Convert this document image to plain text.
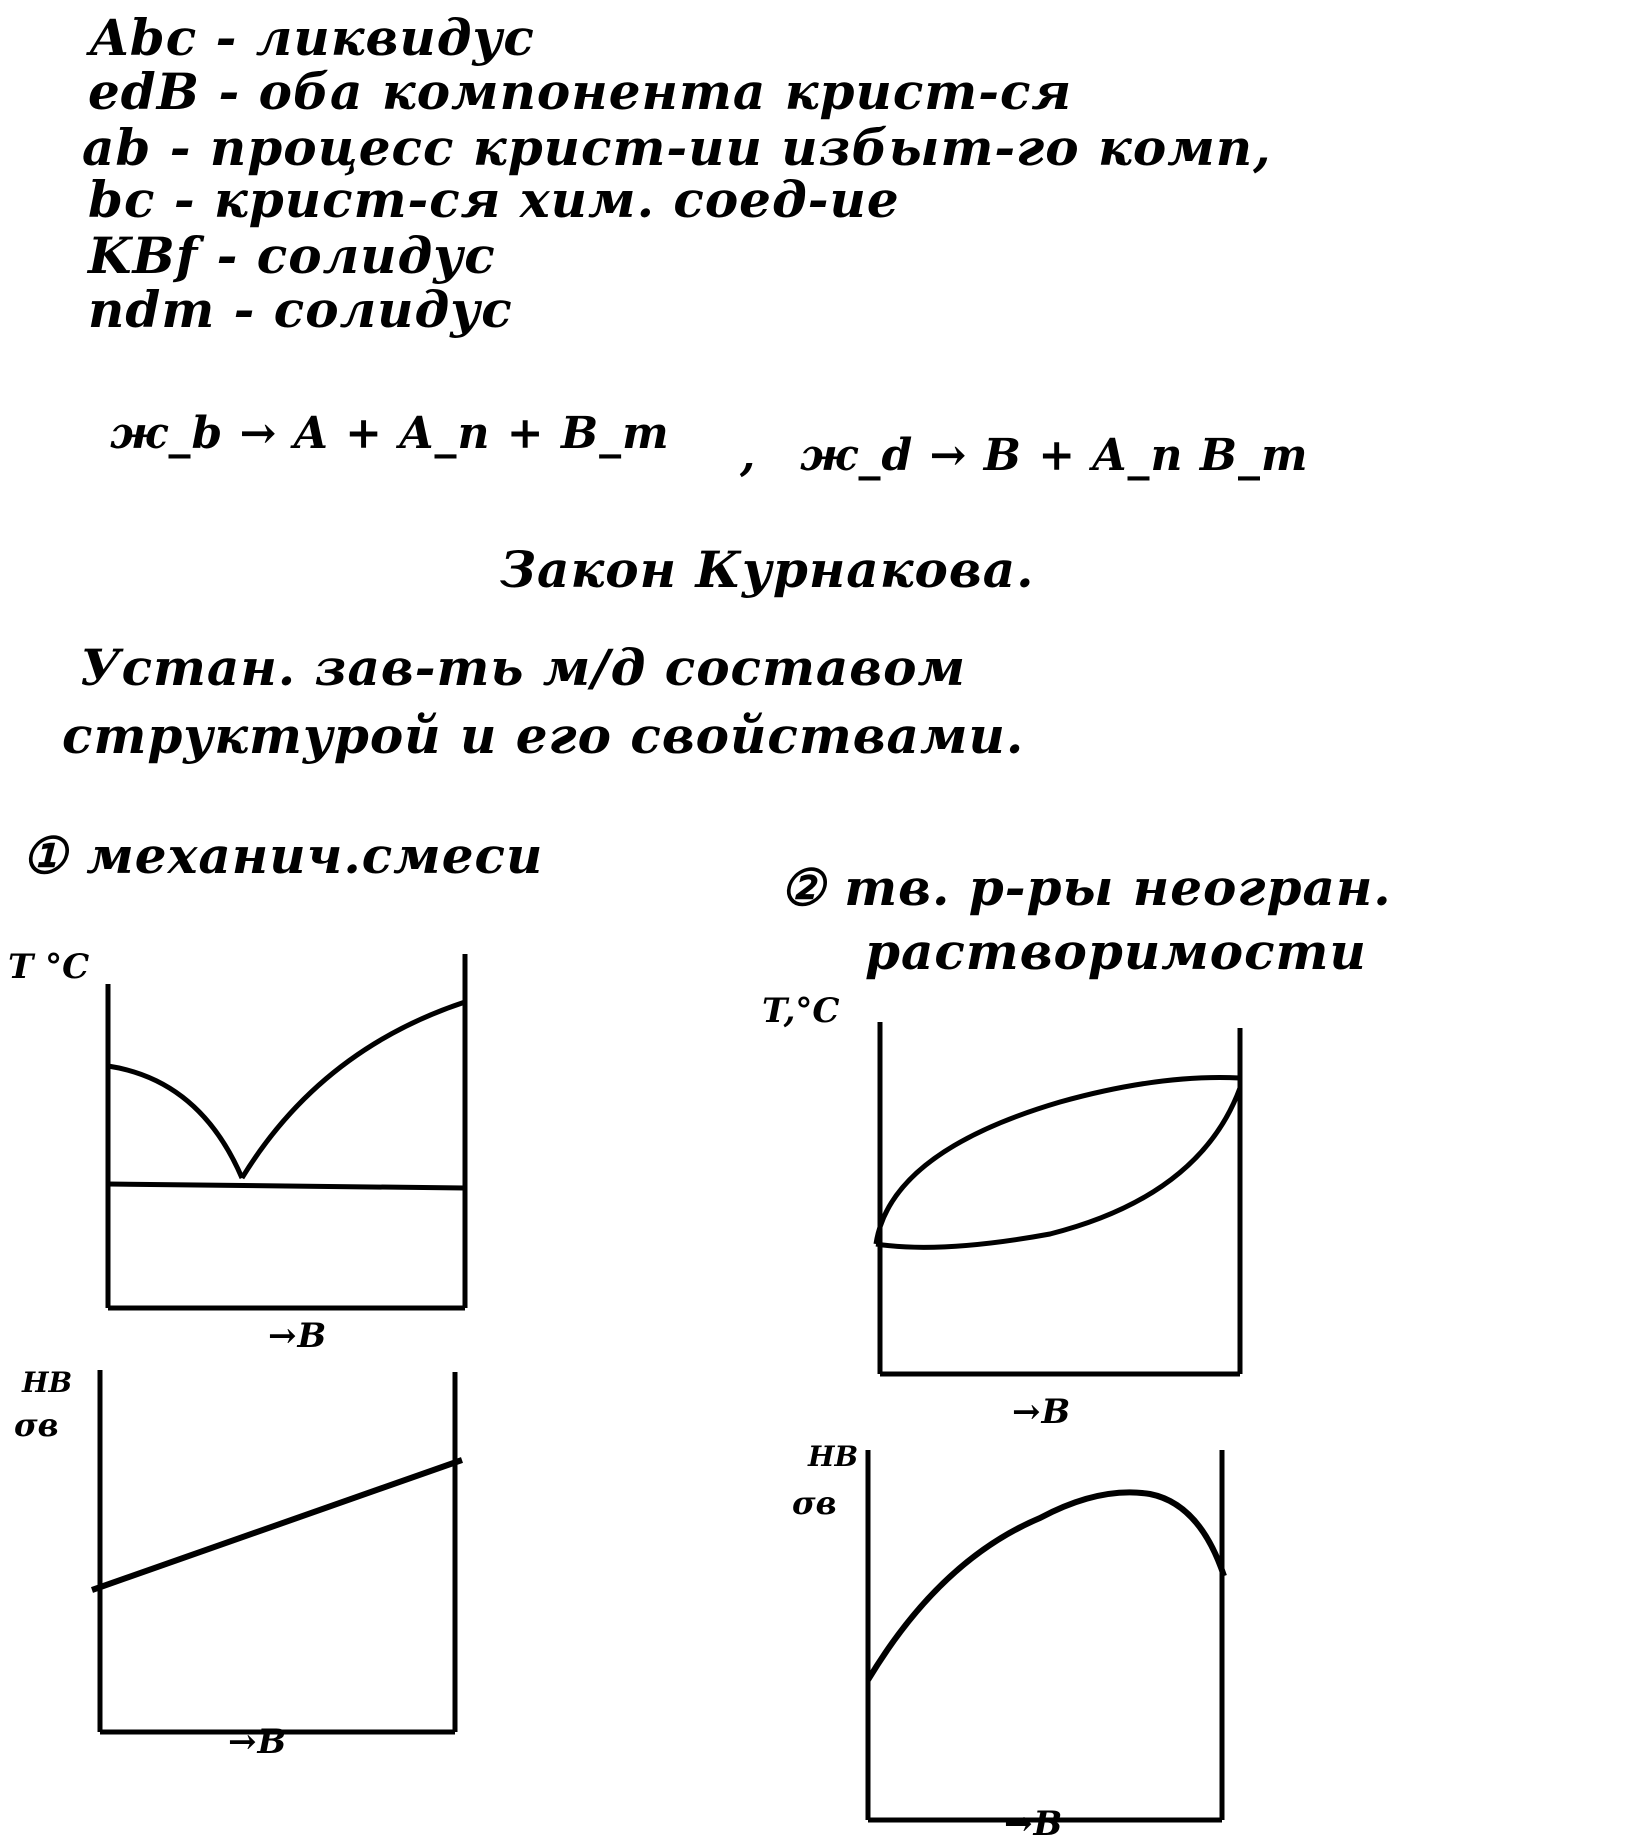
Abc - ликвидус
edB - оба компонента крист-ся
ab - процесс крист-ии избыт-го комп,
bc - крист-ся хим. соед-ие
KBf - солидус
ndm - солидус
ж_b → A + A_n + B_m , ж_d → B + A_n B_m
Закон Курнакова.
Устан. зав-ть м/д составом
структурой и его свойствами.
① механич.смеси
② тв. р-ры неогран.
растворимости
T °C
→B
HB
σв
→B
T,°C
→B
HB
σв
→B
